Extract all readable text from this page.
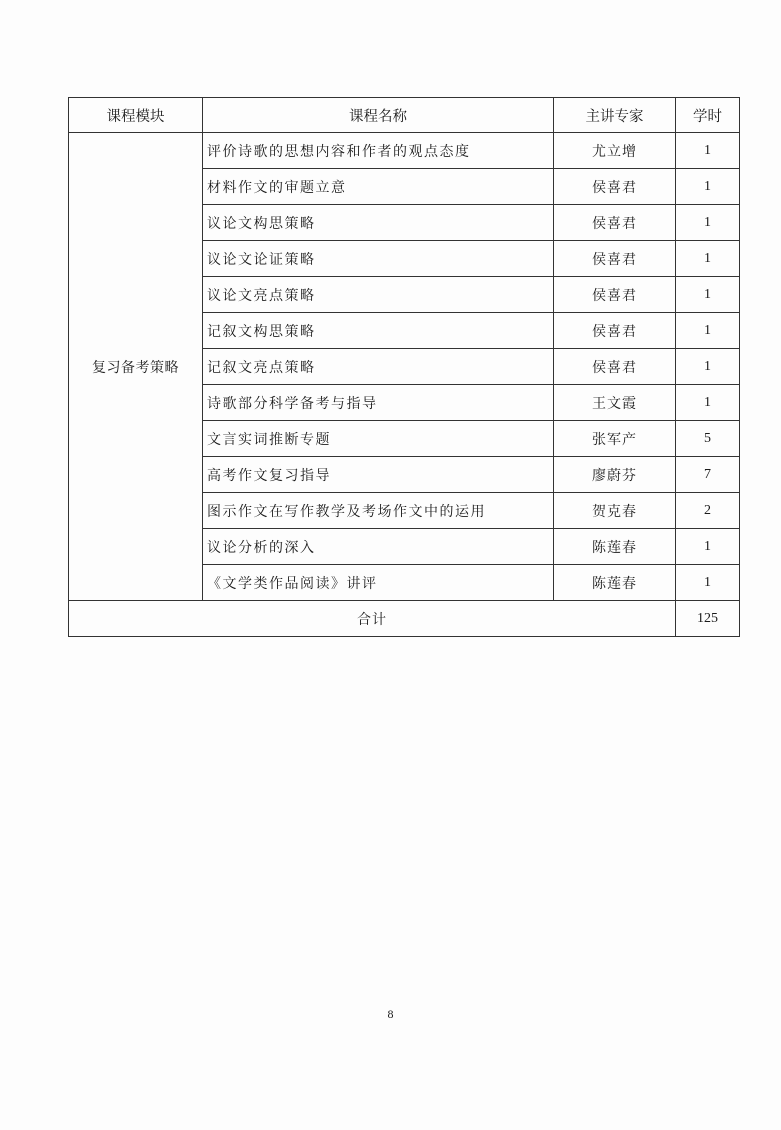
课程模块	课程名称	主讲专家	学时
复习备考策略	评价诗歌的思想内容和作者的观点态度	尤立增	1
	材料作文的审题立意	侯喜君	1
	议论文构思策略	侯喜君	1
	议论文论证策略	侯喜君	1
	议论文亮点策略	侯喜君	1
	记叙文构思策略	侯喜君	1
	记叙文亮点策略	侯喜君	1
	诗歌部分科学备考与指导	王文霞	1
	文言实词推断专题	张军产	5
	高考作文复习指导	廖蔚芬	7
	图示作文在写作教学及考场作文中的运用	贺克春	2
	议论分析的深入	陈莲春	1
	《文学类作品阅读》讲评	陈莲春	1
合计			125
8
